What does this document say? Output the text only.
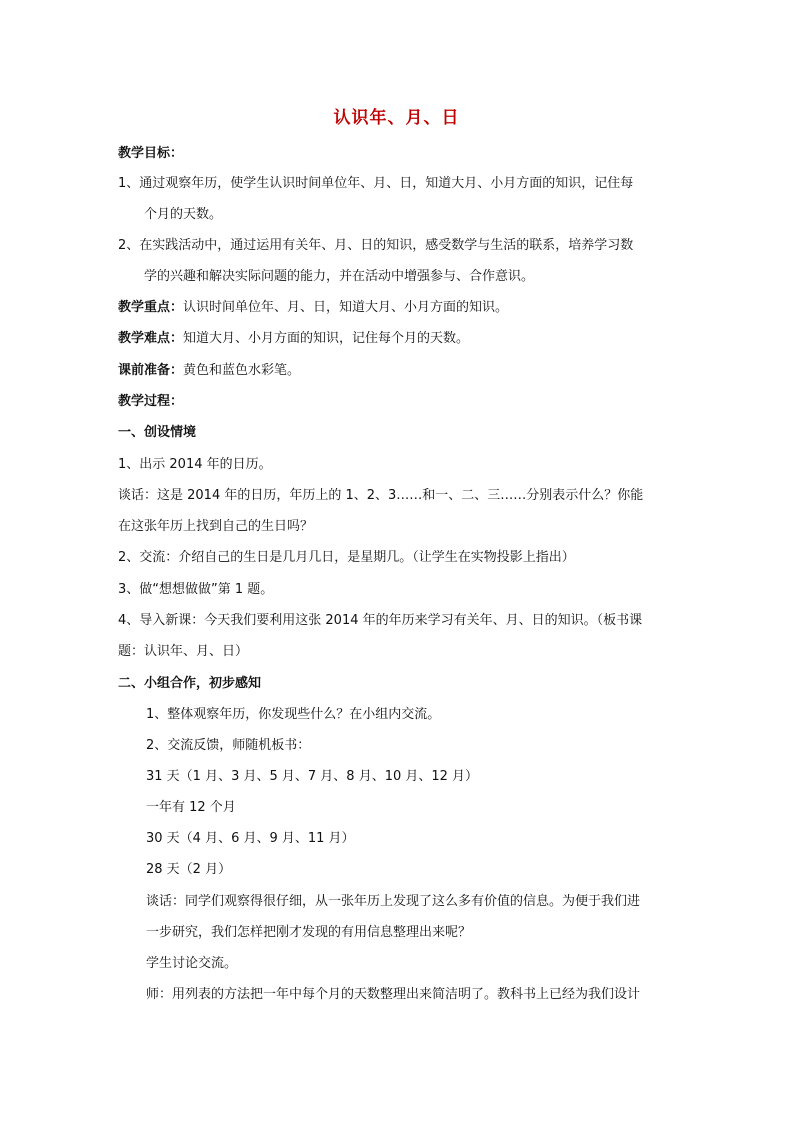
认识年、月、日
教学目标：
1、通过观察年历，使学生认识时间单位年、月、日，知道大月、小月方面的知识，记住每
个月的天数。
2、在实践活动中，通过运用有关年、月、日的知识，感受数学与生活的联系，培养学习数
学的兴趣和解决实际问题的能力，并在活动中增强参与、合作意识。
教学重点：认识时间单位年、月、日，知道大月、小月方面的知识。
教学难点：知道大月、小月方面的知识，记住每个月的天数。
课前准备：黄色和蓝色水彩笔。
教学过程：
一、创设情境
1、出示 2014 年的日历。
谈话：这是 2014 年的日历，年历上的 1、2、3……和一、二、三……分别表示什么？你能
在这张年历上找到自己的生日吗？
2、交流：介绍自己的生日是几月几日，是星期几。（让学生在实物投影上指出）
3、做“想想做做”第 1 题。
4、导入新课：今天我们要利用这张 2014 年的年历来学习有关年、月、日的知识。（板书课
题：认识年、月、日）
二、小组合作，初步感知
1、整体观察年历，你发现些什么？在小组内交流。
2、交流反馈，师随机板书：
31 天（1 月、3 月、5 月、7 月、8 月、10 月、12 月）
一年有 12 个月
30 天（4 月、6 月、9 月、11 月）
28 天（2 月）
谈话：同学们观察得很仔细，从一张年历上发现了这么多有价值的信息。为便于我们进
一步研究，我们怎样把刚才发现的有用信息整理出来呢？
学生讨论交流。
师：用列表的方法把一年中每个月的天数整理出来简洁明了。教科书上已经为我们设计
